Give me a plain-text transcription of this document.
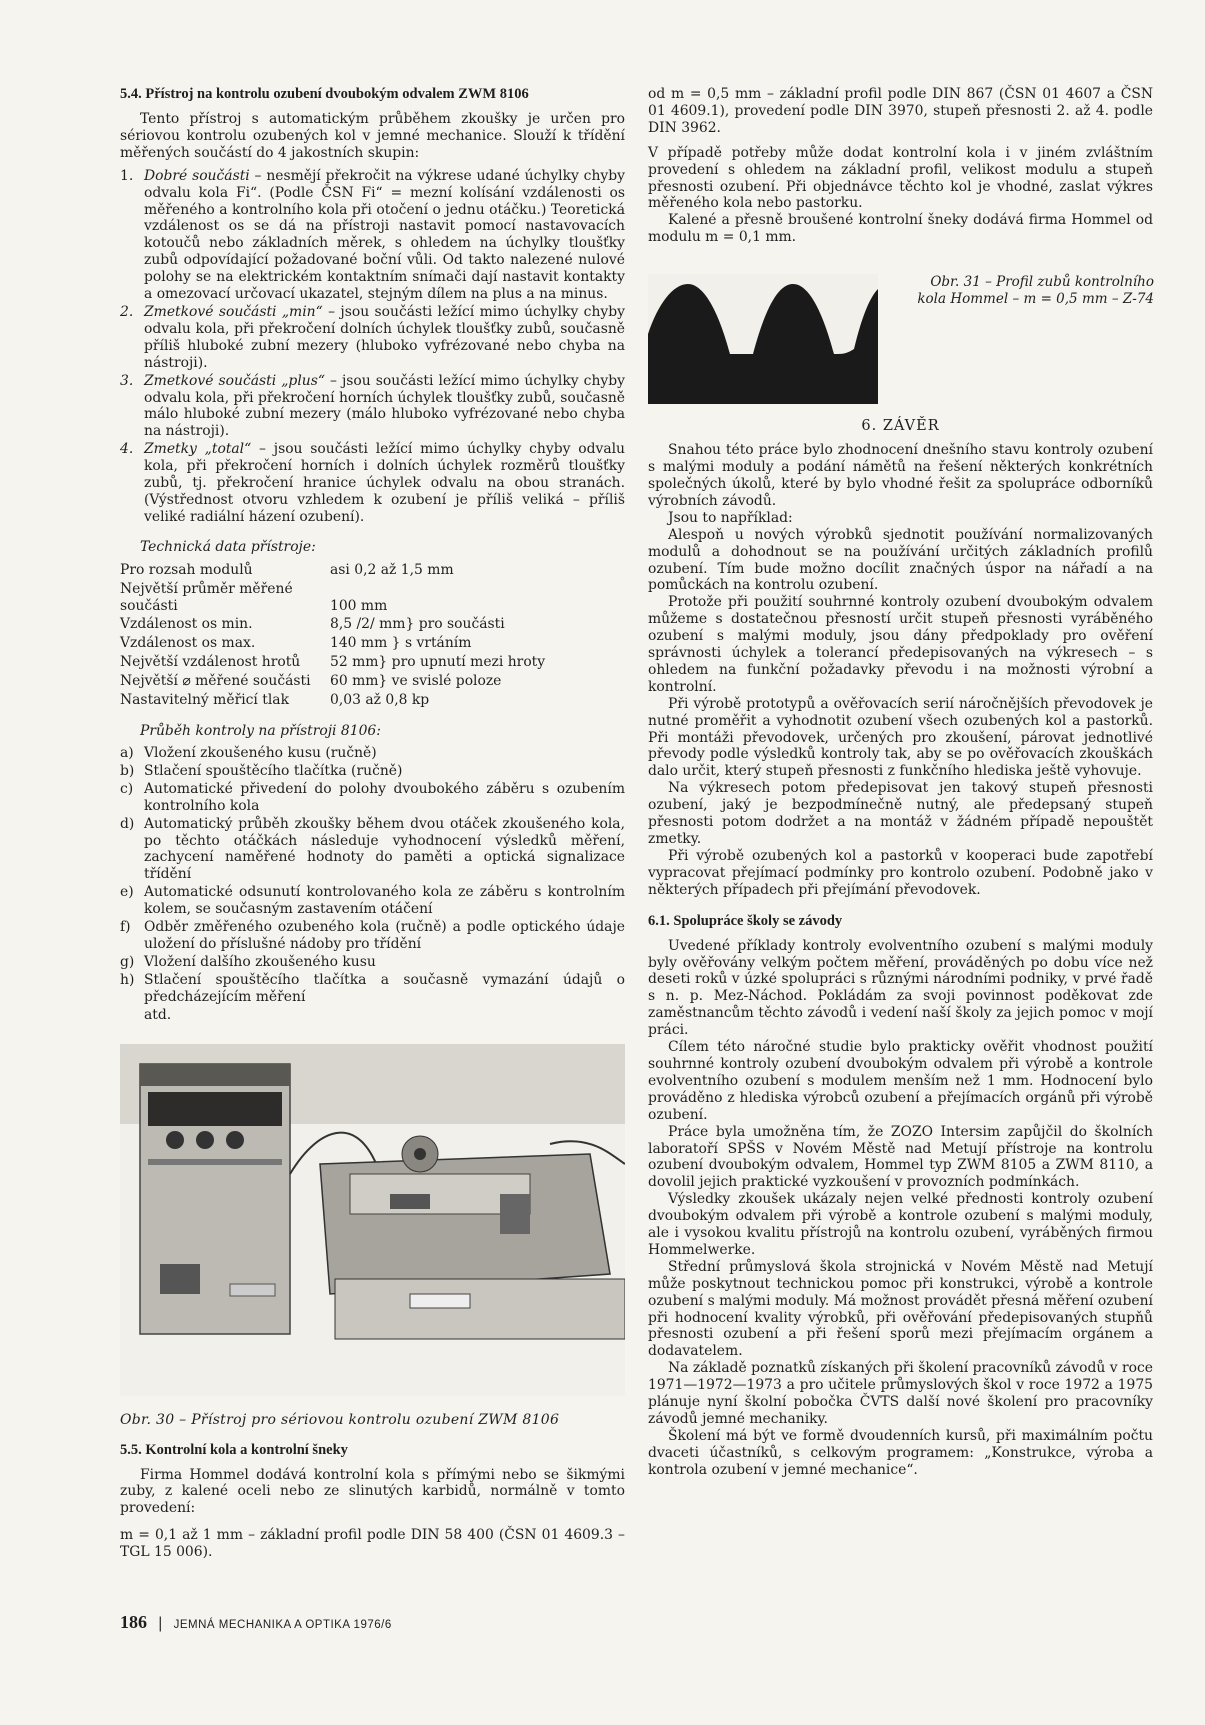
5.4. Přístroj na kontrolu ozubení dvoubokým odvalem ZWM 8106

Tento přístroj s automatickým průběhem zkoušky je určen pro sériovou kontrolu ozubených kol v jemné mechanice. Slouží k třídění měřených součástí do 4 jakostních skupin:

1. Dobré součásti – nesmějí překročit na výkrese udané úchylky chyby odvalu kola Fi“. (Podle ČSN Fi“ = mezní kolísání vzdálenosti os měřeného a kontrolního kola při otočení o jednu otáčku.) Teoretická vzdálenost os se dá na přístroji nastavit pomocí nastavovacích kotoučů nebo základních měrek, s ohledem na úchylky tloušťky zubů odpovídající požadované boční vůli. Od takto nalezené nulové polohy se na elektrickém kontaktním snímači dají nastavit kontakty a omezovací určovací ukazatel, stejným dílem na plus a na minus.
2. Zmetkové součásti „min“ – jsou součásti ležící mimo úchylky chyby odvalu kola, při překročení dolních úchylek tloušťky zubů, současně příliš hluboké zubní mezery (hluboko vyfrézované nebo chyba na nástroji).
3. Zmetkové součásti „plus“ – jsou součásti ležící mimo úchylky chyby odvalu kola, při překročení horních úchylek tloušťky zubů, současně málo hluboké zubní mezery (málo hluboko vyfrézované nebo chyba na nástroji).
4. Zmetky „total“ – jsou součásti ležící mimo úchylky chyby odvalu kola, při překročení horních i dolních úchylek rozměrů tloušťky zubů, tj. překročení hranice úchylek odvalu na obou stranách. (Výstřednost otvoru vzhledem k ozubení je příliš veliká – příliš veliké radiální házení ozubení).
Technická data přístroje:
Pro rozsah modulů	asi 0,2 až 1,5 mm
Největší průměr měřené součásti	100 mm
Vzdálenost os min.	8,5 /2/ mm} pro součásti
Vzdálenost os max.	140 mm } s vrtáním
Největší vzdálenost hrotů	52 mm} pro upnutí mezi hroty
Největší ⌀ měřené součásti	60 mm} ve svislé poloze
Nastavitelný měřicí tlak	0,03 až 0,8 kp
Průběh kontroly na přístroji 8106:
a) Vložení zkoušeného kusu (ručně)
b) Stlačení spouštěcího tlačítka (ručně)
c) Automatické přivedení do polohy dvoubokého záběru s ozubením kontrolního kola
d) Automatický průběh zkoušky během dvou otáček zkoušeného kola, po těchto otáčkách následuje vyhodnocení výsledků měření, zachycení naměřené hodnoty do paměti a optická signalizace třídění
e) Automatické odsunutí kontrolovaného kola ze záběru s kontrolním kolem, se současným zastavením otáčení
f) Odběr změřeného ozubeného kola (ručně) a podle optického údaje uložení do příslušné nádoby pro třídění
g) Vložení dalšího zkoušeného kusu
h) Stlačení spouštěcího tlačítka a současně vymazání údajů o předcházejícím měření

atd.

Obr. 30 – Přístroj pro sériovou kontrolu ozubení ZWM 8106
5.5. Kontrolní kola a kontrolní šneky

Firma Hommel dodává kontrolní kola s přímými nebo se šikmými zuby, z kalené oceli nebo ze slinutých karbidů, normálně v tomto provedení:

m = 0,1 až 1 mm – základní profil podle DIN 58 400 (ČSN 01 4609.3 – TGL 15 006).

od m = 0,5 mm – základní profil podle DIN 867 (ČSN 01 4607 a ČSN 01 4609.1), provedení podle DIN 3970, stupeň přesnosti 2. až 4. podle DIN 3962.

V případě potřeby může dodat kontrolní kola i v jiném zvláštním provedení s ohledem na základní profil, velikost modulu a stupeň přesnosti ozubení. Při objednávce těchto kol je vhodné, zaslat výkres měřeného kola nebo pastorku.

Kalené a přesně broušené kontrolní šneky dodává firma Hommel od modulu m = 0,1 mm.

Obr. 31 – Profil zubů kontrolního kola Hommel – m = 0,5 mm – Z-74
6. ZÁVĚR

Snahou této práce bylo zhodnocení dnešního stavu kontroly ozubení s malými moduly a podání námětů na řešení některých konkrétních společných úkolů, které by bylo vhodné řešit za spolupráce odborníků výrobních závodů.

Jsou to například:

Alespoň u nových výrobků sjednotit používání normalizovaných modulů a dohodnout se na používání určitých základních profilů ozubení. Tím bude možno docílit značných úspor na nářadí a na pomůckách na kontrolu ozubení.

Protože při použití souhrnné kontroly ozubení dvoubokým odvalem můžeme s dostatečnou přesností určit stupeň přesnosti vyráběného ozubení s malými moduly, jsou dány předpoklady pro ověření správnosti úchylek a tolerancí předepisovaných na výkresech – s ohledem na funkční požadavky převodu i na možnosti výrobní a kontrolní.

Při výrobě prototypů a ověřovacích serií náročnějších převodovek je nutné proměřit a vyhodnotit ozubení všech ozubených kol a pastorků. Při montáži převodovek, určených pro zkoušení, párovat jednotlivé převody podle výsledků kontroly tak, aby se po ověřovacích zkouškách dalo určit, který stupeň přesnosti z funkčního hlediska ještě vyhovuje.

Na výkresech potom předepisovat jen takový stupeň přesnosti ozubení, jaký je bezpodmínečně nutný, ale předepsaný stupeň přesnosti potom dodržet a na montáž v žádném případě nepouštět zmetky.

Při výrobě ozubených kol a pastorků v kooperaci bude zapotřebí vypracovat přejímací podmínky pro kontrolo ozubení. Podobně jako v některých případech při přejímání převodovek.

6.1. Spolupráce školy se závody

Uvedené příklady kontroly evolventního ozubení s malými moduly byly ověřovány velkým počtem měření, prováděných po dobu více než deseti roků v úzké spolupráci s různými národními podniky, v prvé řadě s n. p. Mez-Náchod. Pokládám za svoji povinnost poděkovat zde zaměstnancům těchto závodů i vedení naší školy za jejich pomoc v mojí práci.

Cílem této náročné studie bylo prakticky ověřit vhodnost použití souhrnné kontroly ozubení dvoubokým odvalem při výrobě a kontrole evolventního ozubení s modulem menším než 1 mm. Hodnocení bylo prováděno z hlediska výrobců ozubení a přejímacích orgánů při výrobě ozubení.

Práce byla umožněna tím, že ZOZO Intersim zapůjčil do školních laboratoří SPŠS v Novém Městě nad Metují přístroje na kontrolu ozubení dvoubokým odvalem, Hommel typ ZWM 8105 a ZWM 8110, a dovolil jejich praktické vyzkoušení v provozních podmínkách.

Výsledky zkoušek ukázaly nejen velké přednosti kontroly ozubení dvoubokým odvalem při výrobě a kontrole ozubení s malými moduly, ale i vysokou kvalitu přístrojů na kontrolu ozubení, vyráběných firmou Hommelwerke.

Střední průmyslová škola strojnická v Novém Městě nad Metují může poskytnout technickou pomoc při konstrukci, výrobě a kontrole ozubení s malými moduly. Má možnost provádět přesná měření ozubení při hodnocení kvality výrobků, při ověřování předepisovaných stupňů přesnosti ozubení a při řešení sporů mezi přejímacím orgánem a dodavatelem.

Na základě poznatků získaných při školení pracovníků závodů v roce 1971—1972—1973 a pro učitele průmyslových škol v roce 1972 a 1975 plánuje nyní školní pobočka ČVTS další nové školení pro pracovníky závodů jemné mechaniky.

Školení má být ve formě dvoudenních kursů, při maximálním počtu dvaceti účastníků, s celkovým programem: „Konstrukce, výroba a kontrola ozubení v jemné mechanice“.

186 | JEMNÁ MECHANIKA A OPTIKA 1976/6
